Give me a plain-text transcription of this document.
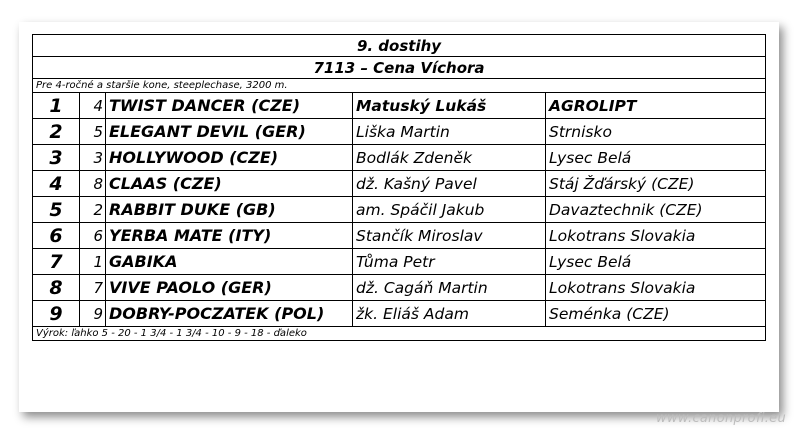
9. dostihy				
7113 – Cena Víchora				
Pre 4-ročné a staršie kone, steeplechase, 3200 m.				
1	4	TWIST DANCER (CZE)	Matuský Lukáš	AGROLIPT
2	5	ELEGANT DEVIL (GER)	Liška Martin	Strnisko
3	3	HOLLYWOOD (CZE)	Bodlák Zdeněk	Lysec Belá
4	8	CLAAS (CZE)	dž. Kašný Pavel	Stáj Žďárský (CZE)
5	2	RABBIT DUKE (GB)	am. Spáčil Jakub	Davaztechnik (CZE)
6	6	YERBA MATE (ITY)	Stančík Miroslav	Lokotrans Slovakia
7	1	GABIKA	Tůma Petr	Lysec Belá
8	7	VIVE PAOLO (GER)	dž. Cagáň Martin	Lokotrans Slovakia
9	9	DOBRY-POCZATEK (POL)	žk. Eliáš Adam	Seménka (CZE)
Výrok: ľahko 5 - 20 - 1 3/4 - 1 3/4 - 10 - 9 - 18 - ďaleko				
www.canonprofi.eu
